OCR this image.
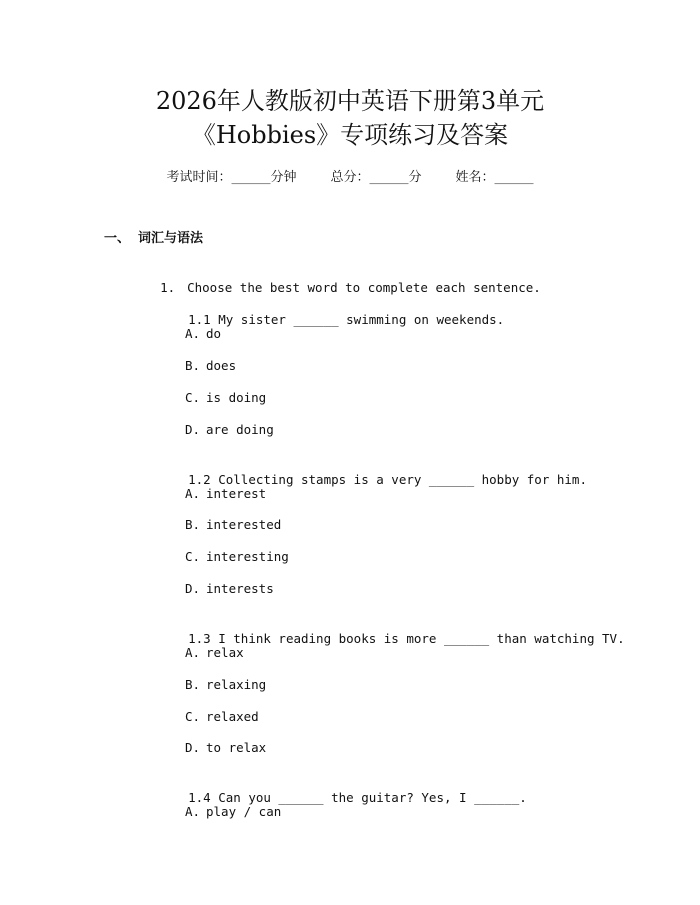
2026年人教版初中英语下册第3单元
《Hobbies》专项练习及答案
考试时间：______分钟	总分：______分	姓名：______
一、 词汇与语法

1. Choose the best word to complete each sentence.

1.1 My sister ______ swimming on weekends.

A. do
B. does
C. is doing
D. are doing

1.2 Collecting stamps is a very ______ hobby for him.

A. interest
B. interested
C. interesting
D. interests

1.3 I think reading books is more ______ than watching TV.

A. relax
B. relaxing
C. relaxed
D. to relax

1.4 Can you ______ the guitar? Yes, I ______.

A. play / can
